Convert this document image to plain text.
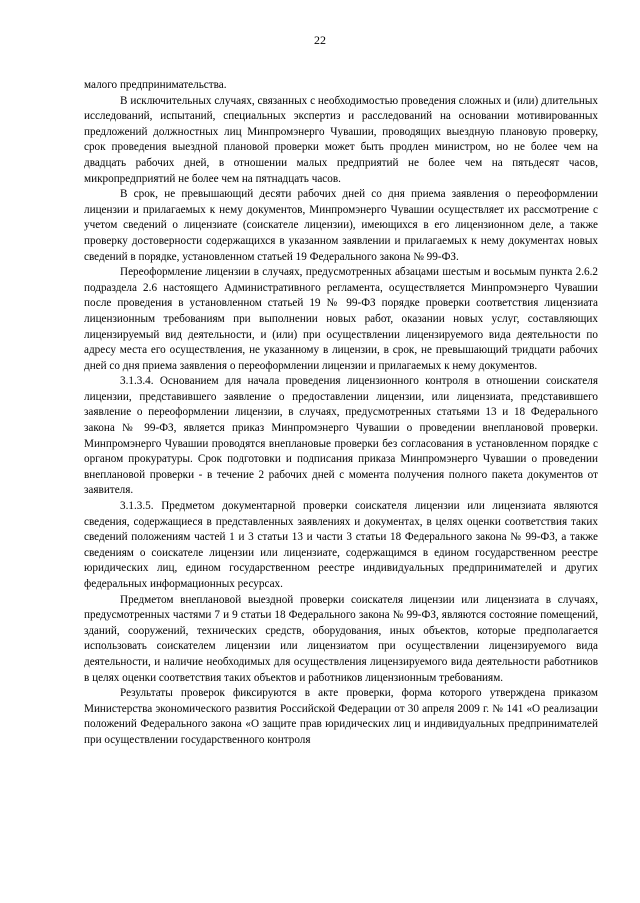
22

малого предпринимательства.

В исключительных случаях, связанных с необходимостью проведения сложных и (или) длительных исследований, испытаний, специальных экспертиз и расследований на основании мотивированных предложений должностных лиц Минпромэнерго Чувашии, проводящих выездную плановую проверку, срок проведения выездной плановой проверки может быть продлен министром, но не более чем на двадцать рабочих дней, в отношении малых предприятий не более чем на пятьдесят часов, микропредприятий не более чем на пятнадцать часов.

В срок, не превышающий десяти рабочих дней со дня приема заявления о переоформлении лицензии и прилагаемых к нему документов, Минпромэнерго Чувашии осуществляет их рассмотрение с учетом сведений о лицензиате (соискателе лицензии), имеющихся в его лицензионном деле, а также проверку достоверности содержащихся в указанном заявлении и прилагаемых к нему документах новых сведений в порядке, установленном статьей 19 Федерального закона № 99-ФЗ.

Переоформление лицензии в случаях, предусмотренных абзацами шестым и восьмым пункта 2.6.2 подраздела 2.6 настоящего Административного регламента, осуществляется Минпромэнерго Чувашии после проведения в установленном статьей 19 № 99-ФЗ порядке проверки соответствия лицензиата лицензионным требованиям при выполнении новых работ, оказании новых услуг, составляющих лицензируемый вид деятельности, и (или) при осуществлении лицензируемого вида деятельности по адресу места его осуществления, не указанному в лицензии, в срок, не превышающий тридцати рабочих дней со дня приема заявления о переоформлении лицензии и прилагаемых к нему документов.

3.1.3.4. Основанием для начала проведения лицензионного контроля в отношении соискателя лицензии, представившего заявление о предоставлении лицензии, или лицензиата, представившего заявление о переоформлении лицензии, в случаях, предусмотренных статьями 13 и 18 Федерального закона № 99-ФЗ, является приказ Минпромэнерго Чувашии о проведении внеплановой проверки. Минпромэнерго Чувашии проводятся внеплановые проверки без согласования в установленном порядке с органом прокуратуры. Срок подготовки и подписания приказа Минпромэнерго Чувашии о проведении внеплановой проверки - в течение 2 рабочих дней с момента получения полного пакета документов от заявителя.

3.1.3.5. Предметом документарной проверки соискателя лицензии или лицензиата являются сведения, содержащиеся в представленных заявлениях и документах, в целях оценки соответствия таких сведений положениям частей 1 и 3 статьи 13 и части 3 статьи 18 Федерального закона № 99-ФЗ, а также сведениям о соискателе лицензии или лицензиате, содержащимся в едином государственном реестре юридических лиц, едином государственном реестре индивидуальных предпринимателей и других федеральных информационных ресурсах.

Предметом внеплановой выездной проверки соискателя лицензии или лицензиата в случаях, предусмотренных частями 7 и 9 статьи 18 Федерального закона № 99-ФЗ, являются состояние помещений, зданий, сооружений, технических средств, оборудования, иных объектов, которые предполагается использовать соискателем лицензии или лицензиатом при осуществлении лицензируемого вида деятельности, и наличие необходимых для осуществления лицензируемого вида деятельности работников в целях оценки соответствия таких объектов и работников лицензионным требованиям.

Результаты проверок фиксируются в акте проверки, форма которого утверждена приказом Министерства экономического развития Российской Федерации от 30 апреля 2009 г. № 141 «О реализации положений Федерального закона «О защите прав юридических лиц и индивидуальных предпринимателей при осуществлении государственного контроля
